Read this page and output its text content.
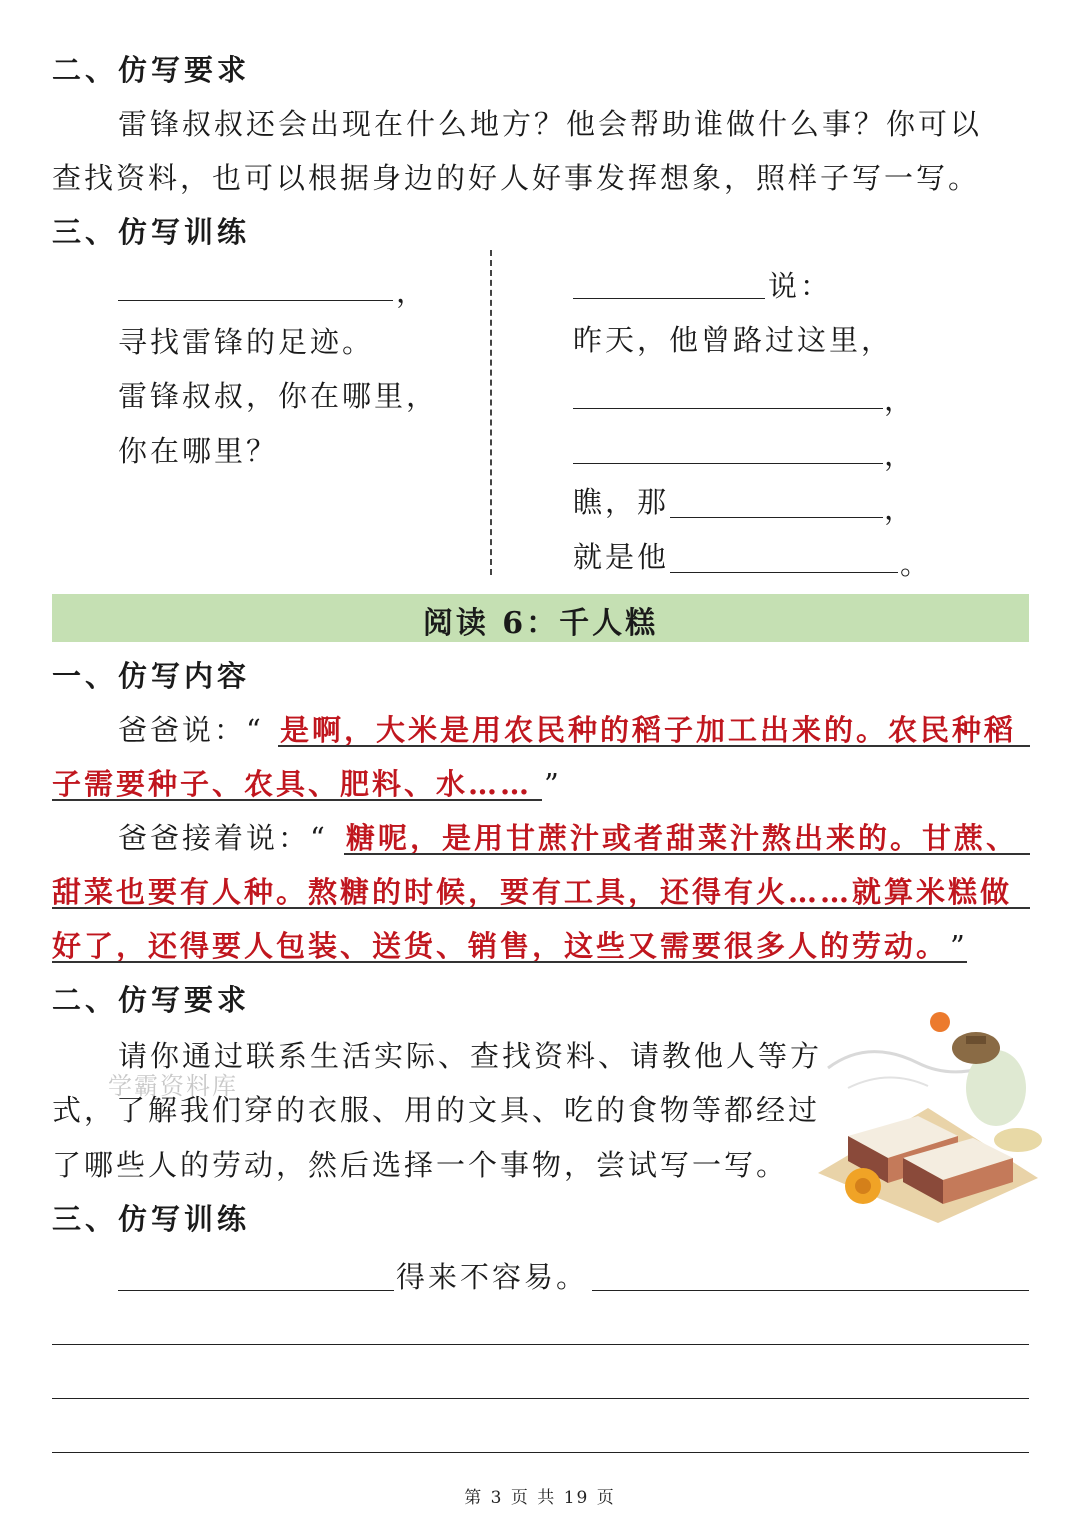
二、仿写要求
雷锋叔叔还会出现在什么地方？他会帮助谁做什么事？你可以
查找资料，也可以根据身边的好人好事发挥想象，照样子写一写。
三、仿写训练
，
寻找雷锋的足迹。
雷锋叔叔，你在哪里，
你在哪里？
说：
昨天，他曾路过这里，
，
，
瞧，那	，
就是他	。
阅读 6：千人糕
一、仿写内容
爸爸说：“ 是啊，大米是用农民种的稻子加工出来的。农民种稻
子需要种子、农具、肥料、水…… ”
爸爸接着说：“ 糖呢，是用甘蔗汁或者甜菜汁熬出来的。甘蔗、
甜菜也要有人种。熬糖的时候，要有工具，还得有火……就算米糕做
好了，还得要人包装、送货、销售，这些又需要很多人的劳动。 ”
二、仿写要求
请你通过联系生活实际、查找资料、请教他人等方
式，了解我们穿的衣服、用的文具、吃的食物等都经过
了哪些人的劳动，然后选择一个事物，尝试写一写。
学霸资料库
三、仿写训练
得来不容易。
第 3 页 共 19 页
